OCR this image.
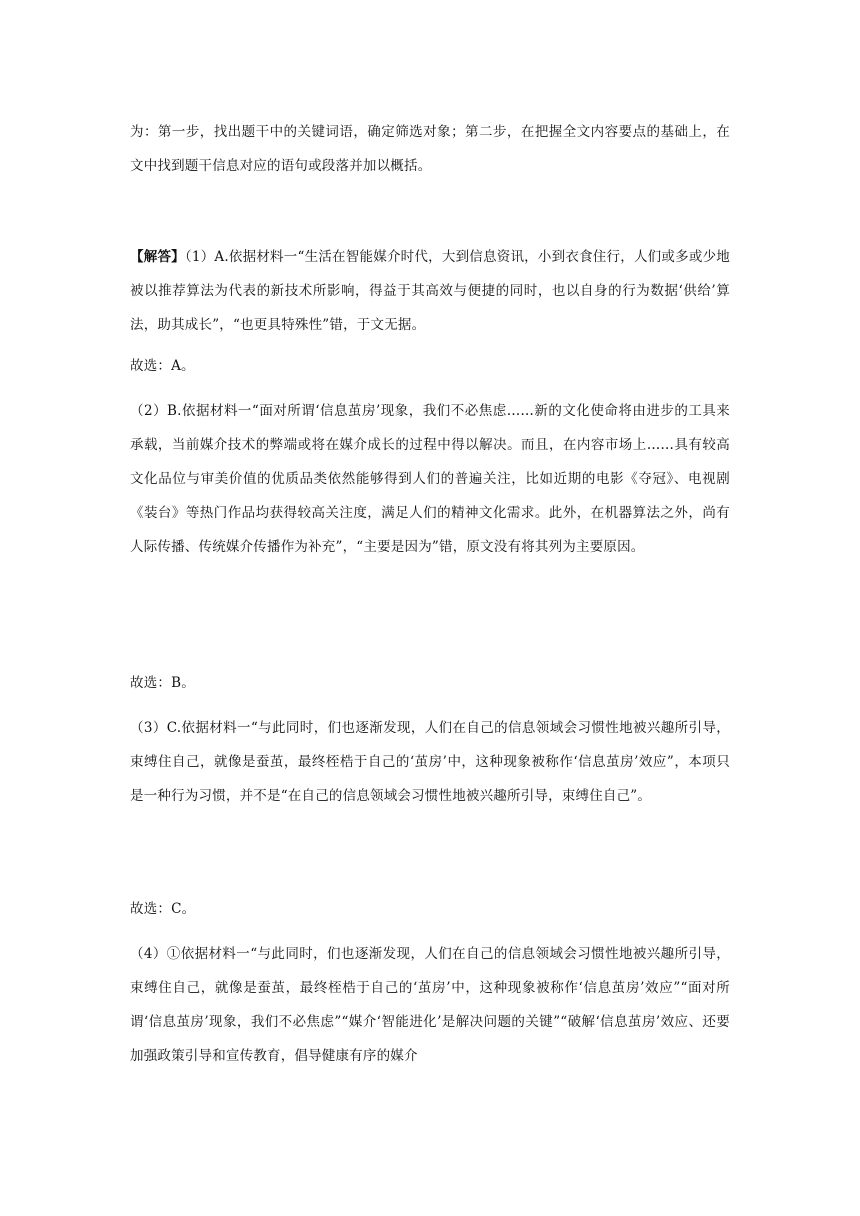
为：第一步，找出题干中的关键词语，确定筛选对象；第二步，在把握全文内容要点的基础上，在文中找到题干信息对应的语句或段落并加以概括。

【解答】（1）A.依据材料一“生活在智能媒介时代，大到信息资讯，小到衣食住行，人们或多或少地被以推荐算法为代表的新技术所影响，得益于其高效与便捷的同时，也以自身的行为数据‘供给’算法，助其成长”，“也更具特殊性”错，于文无据。

故选：A。

（2）B.依据材料一“面对所谓‘信息茧房’现象，我们不必焦虑……新的文化使命将由进步的工具来承载，当前媒介技术的弊端或将在媒介成长的过程中得以解决。而且，在内容市场上……具有较高文化品位与审美价值的优质品类依然能够得到人们的普遍关注，比如近期的电影《夺冠》、电视剧《装台》等热门作品均获得较高关注度，满足人们的精神文化需求。此外，在机器算法之外，尚有人际传播、传统媒介传播作为补充”，“主要是因为”错，原文没有将其列为主要原因。

故选：B。

（3）C.依据材料一“与此同时，们也逐渐发现，人们在自己的信息领域会习惯性地被兴趣所引导，束缚住自己，就像是蚕茧，最终桎梏于自己的‘茧房’中，这种现象被称作‘信息茧房’效应”，本项只是一种行为习惯，并不是“在自己的信息领域会习惯性地被兴趣所引导，束缚住自己”。

故选：C。

（4）①依据材料一“与此同时，们也逐渐发现，人们在自己的信息领域会习惯性地被兴趣所引导，束缚住自己，就像是蚕茧，最终桎梏于自己的‘茧房’中，这种现象被称作‘信息茧房’效应”“面对所谓‘信息茧房’现象，我们不必焦虑”“媒介‘智能进化’是解决问题的关键”“破解‘信息茧房’效应、还要加强政策引导和宣传教育，倡导健康有序的媒介
